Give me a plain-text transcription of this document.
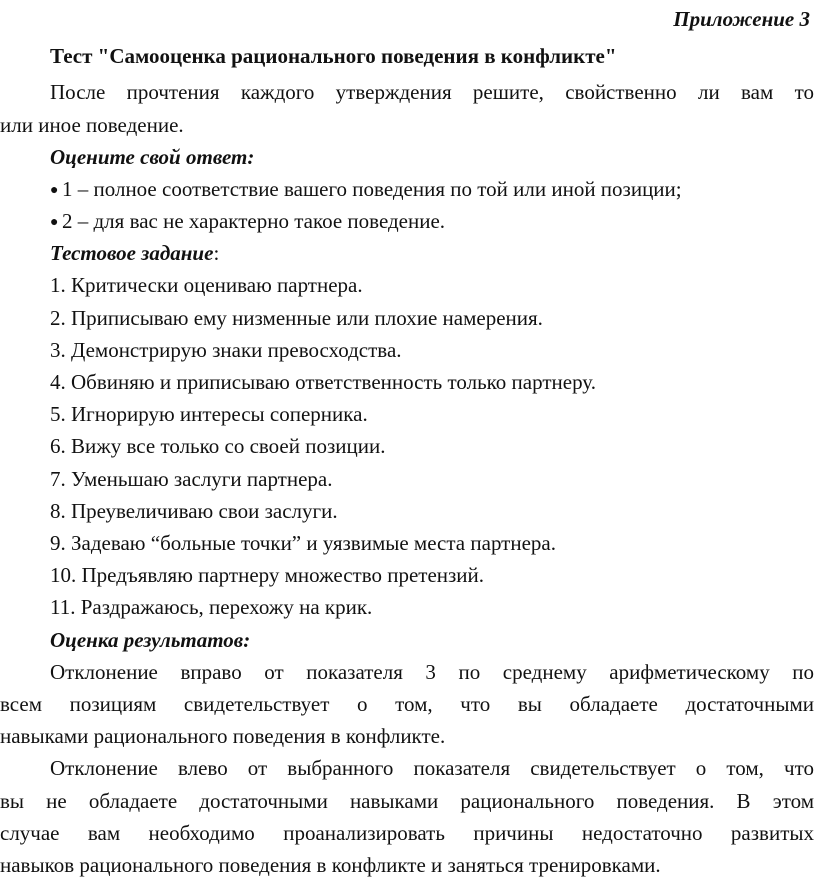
Приложение 3
Тест "Самооценка рационального поведения в конфликте"
После прочтения каждого утверждения решите, свойственно ли вам то
или иное поведение.
Оцените свой ответ:
● 1 – полное соответствие вашего поведения по той или иной позиции;
● 2 – для вас не характерно такое поведение.
Тестовое задание:
1. Критически оцениваю партнера.
2. Приписываю ему низменные или плохие намерения.
3. Демонстрирую знаки превосходства.
4. Обвиняю и приписываю ответственность только партнеру.
5. Игнорирую интересы соперника.
6. Вижу все только со своей позиции.
7. Уменьшаю заслуги партнера.
8. Преувеличиваю свои заслуги.
9. Задеваю “больные точки” и уязвимые места партнера.
10. Предъявляю партнеру множество претензий.
11. Раздражаюсь, перехожу на крик.
Оценка результатов:
Отклонение вправо от показателя 3 по среднему арифметическому по
всем позициям свидетельствует о том, что вы обладаете достаточными
навыками рационального поведения в конфликте.
Отклонение влево от выбранного показателя свидетельствует о том, что
вы не обладаете достаточными навыками рационального поведения. В этом
случае вам необходимо проанализировать причины недостаточно развитых
навыков рационального поведения в конфликте и заняться тренировками.
